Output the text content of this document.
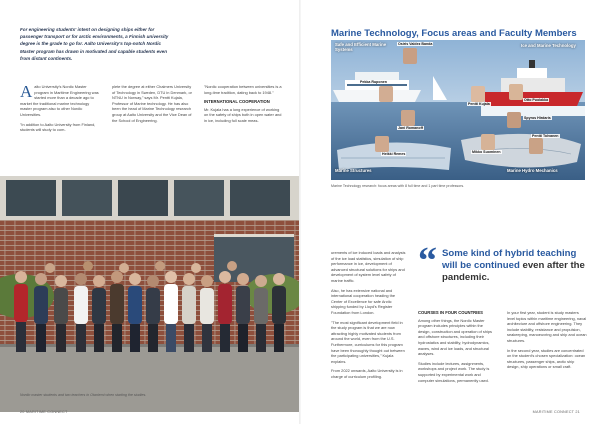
For engineering students' intent on designing ships either for passenger transport or for arctic environments, a Finnish university degree is the grade to go for. Aalto University's top-notch Nordic Master program has drawn in motivated and capable students even from distant continents.

Aalto University's Nordic Master program in Maritime Engineering was started more than a decade ago to market the traditional marine technology master program also to other Nordic Universities.

"In addition to Aalto University from Finland, students will study to com-

plete the degree at either Chalmers University of Technology in Sweden, DTU in Denmark, or NTNU in Norway," says Mr. Pentti Kujala, Professor of Marine technology. He has also been the head of Marine Technology research group at Aalto University and the Vice Dean of the School of Engineering.

"Nordic cooperation between universities is a long-time tradition, dating back to 1948."

INTERNATIONAL COOPERATION

Mr. Kujala has a long experience of working on the safety of ships both in open water and in ice, including full scale meas-

Nordic master students and two teachers in Otaniemi when starting the studies.
20 MARITIME CONNECT
Marine Technology, Focus areas and Faculty Members
Safe and Efficient Marine Systems
Osiris Valdez Banda	Ice and Marine Technology
Pekka Ruponen
Pentti Kujala
Otto Puolakka
Jani Romanoff
Spyros Hirdaris
Heikki Remes	Mikko Suominen
Pentti Tolvanen
Marine Structures	Marine Hydro Mechanics
Marine Technology research: focus areas with 8 full time and 1 part time professors.

urements of ice induced loads and analysis of the ice load statistics, simulation of ship performance in ice, development of advanced structural solutions for ships and development of system level safety of marine traffic.

Also, he has extensive national and international cooperation heading the Center of Excellence for safe Arctic shipping funded by Lloyd's Register Foundation from London.

"The most significant development field in the study program is that we are now attracting highly motivated students from around the world, even from the U.S. Furthermore, curriculums for this program have been thoroughly thought out between the participating universities," Kujala explains.

From 2022 onwards, Aalto University is in charge of curriculum profiling.

COURSES IN FOUR COUNTRIES

Among other things, the Nordic Master program includes principles within the design, construction and operation of ships and offshore structures, including their hydrostatics and stability, hydrodynamics, waves, wind and ice loads, and structural analyses.

Studies include lectures, assignments, workshops and project work. The study is supported by experimental work and computer simulations, permanently used.

In your first year, student is study masters level topics within maritime engineering, naval architecture and offshore engineering. They include stability, resistance and propulsion, seakeeping, manoeuvring and ship and ocean structures.

In the second year, studies are concentrated on the student's chosen specialization: ocean structures, passenger ships, arctic ship design, ship operations or small craft.

“ Some kind of hybrid teaching will be continued even after the pandemic.
MARITIME CONNECT 21
